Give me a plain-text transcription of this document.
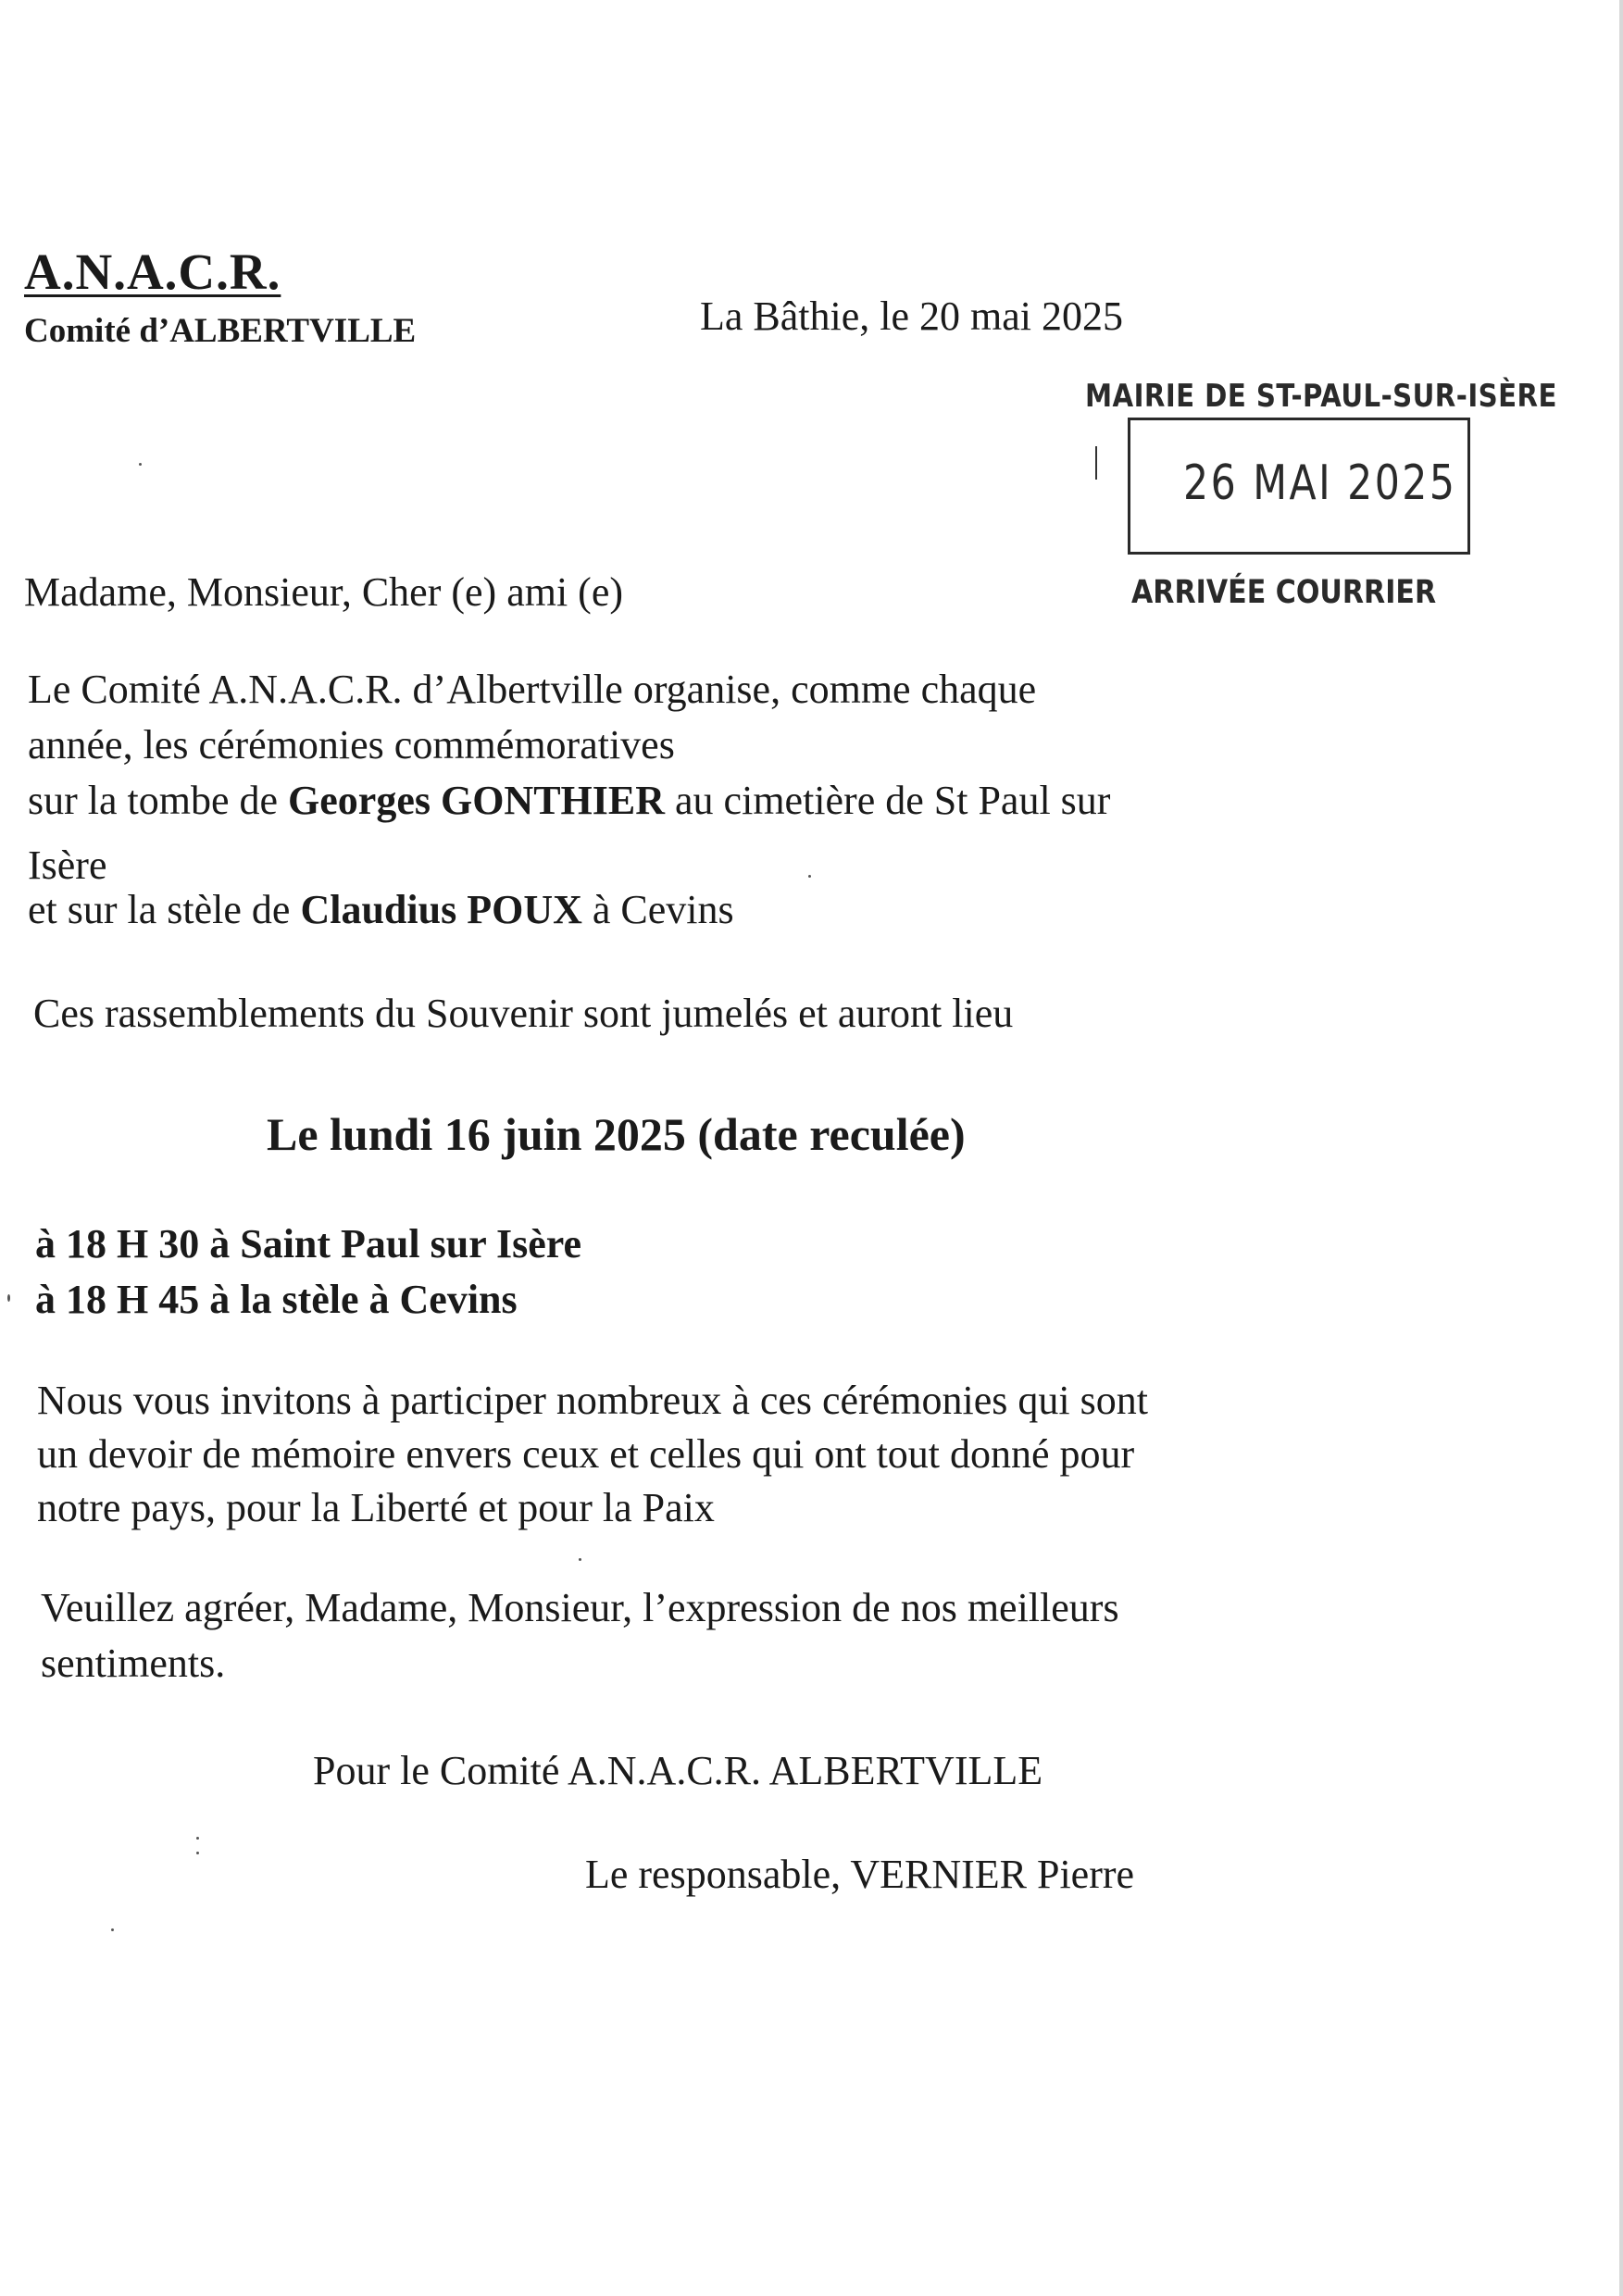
A.N.A.C.R.
Comité d’ALBERTVILLE	La Bâthie, le 20 mai 2025
MAIRIE DE ST-PAUL-SUR-ISÈRE
26 MAI 2025
ARRIVÉE COURRIER
Madame, Monsieur, Cher (e) ami (e)
Le Comité A.N.A.C.R. d’Albertville organise, comme chaque
année, les cérémonies commémoratives
sur la tombe de Georges GONTHIER au cimetière de St Paul sur
Isère
et sur la stèle de Claudius POUX à Cevins
Ces rassemblements du Souvenir sont jumelés et auront lieu
Le lundi 16 juin 2025 (date reculée)
à 18 H 30 à Saint Paul sur Isère
à 18 H 45 à la stèle à Cevins
Nous vous invitons à participer nombreux à ces cérémonies qui sont
un devoir de mémoire envers ceux et celles qui ont tout donné pour
notre pays, pour la Liberté et pour la Paix
Veuillez agréer, Madame, Monsieur, l’expression de nos meilleurs
sentiments.
Pour le Comité A.N.A.C.R. ALBERTVILLE
Le responsable, VERNIER Pierre
